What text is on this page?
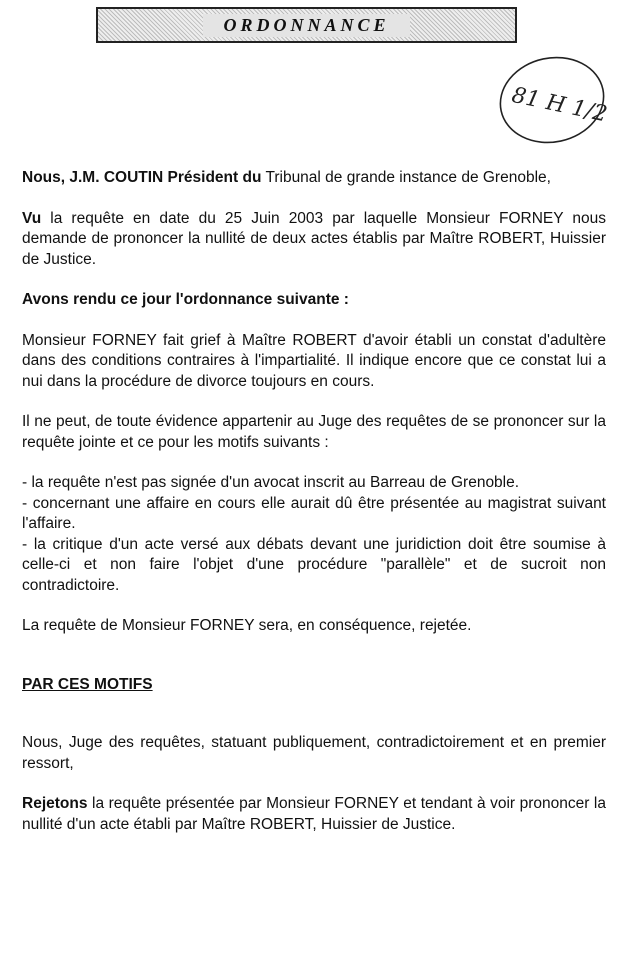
ORDONNANCE
81 H 1/2

Nous, J.M. COUTIN Président du Tribunal de grande instance de Grenoble,

Vu la requête en date du 25 Juin 2003 par laquelle Monsieur FORNEY nous demande de prononcer la nullité de deux actes établis par Maître ROBERT, Huissier de Justice.

Avons rendu ce jour l'ordonnance suivante :

Monsieur FORNEY fait grief à Maître ROBERT d'avoir établi un constat d'adultère dans des conditions contraires à l'impartialité. Il indique encore que ce constat lui a nui dans la procédure de divorce toujours en cours.

Il ne peut, de toute évidence appartenir au Juge des requêtes de se prononcer sur la requête jointe et ce pour les motifs suivants :

- la requête n'est pas signée d'un avocat inscrit au Barreau de Grenoble.
- concernant une affaire en cours elle aurait dû être présentée au magistrat suivant l'affaire.
- la critique d'un acte versé aux débats devant une juridiction doit être soumise à celle-ci et non faire l'objet d'une procédure "parallèle" et de sucroit non contradictoire.

La requête de Monsieur FORNEY sera, en conséquence, rejetée.

PAR CES MOTIFS

Nous, Juge des requêtes, statuant publiquement, contradictoirement et en premier ressort,

Rejetons la requête présentée par Monsieur FORNEY et tendant à voir prononcer la nullité d'un acte établi par Maître ROBERT, Huissier de Justice.
